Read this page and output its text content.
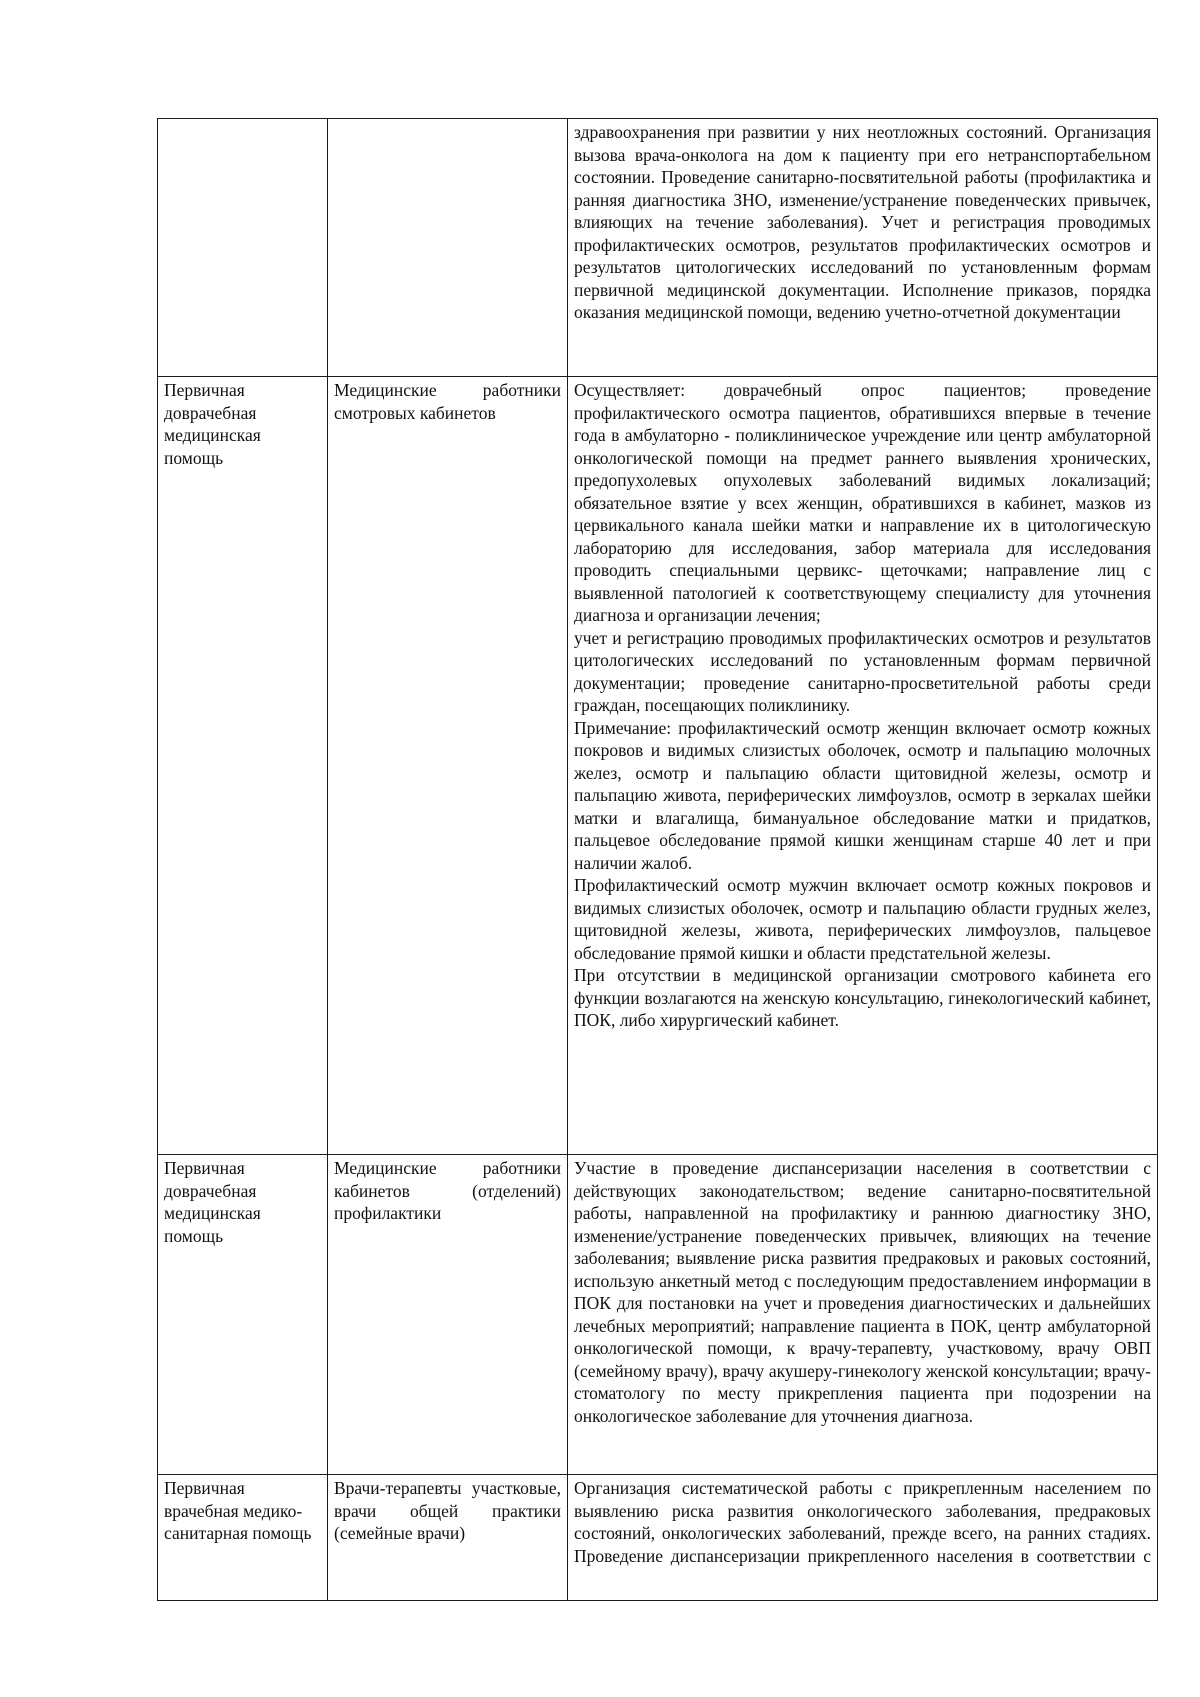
		здравоохранения при развитии у них неотложных состояний. Организация вызова врача-онколога на дом к пациенту при его нетранспортабельном состоянии. Проведение санитарно-посвятительной работы (профилактика и ранняя диагностика ЗНО, изменение/устранение поведенческих привычек, влияющих на течение заболевания). Учет и регистрация проводимых профилактических осмотров, результатов профилактических осмотров и результатов цитологических исследований по установленным формам первичной медицинской документации. Исполнение приказов, порядка оказания медицинской помощи, ведению учетно-отчетной документации

Первичная доврачебная медицинская помощь	Медицинские работники смотровых кабинетов	Осуществляет: доврачебный опрос пациентов; проведение профилактического осмотра пациентов, обратившихся впервые в течение года в амбулаторно - поликлиническое учреждение или центр амбулаторной онкологической помощи на предмет раннего выявления хронических, предопухолевых опухолевых заболеваний видимых локализаций; обязательное взятие у всех женщин, обратившихся в кабинет, мазков из цервикального канала шейки матки и направление их в цитологическую лабораторию для исследования, забор материала для исследования проводить специальными цервикс- щеточками; направление лиц с выявленной патологией к соответствующему специалисту для уточнения диагноза и организации лечения;

учет и регистрацию проводимых профилактических осмотров и результатов цитологических исследований по установленным формам первичной документации; проведение санитарно-просветительной работы среди граждан, посещающих поликлинику.

Примечание: профилактический осмотр женщин включает осмотр кожных покровов и видимых слизистых оболочек, осмотр и пальпацию молочных желез, осмотр и пальпацию области щитовидной железы, осмотр и пальпацию живота, периферических лимфоузлов, осмотр в зеркалах шейки матки и влагалища, бимануальное обследование матки и придатков, пальцевое обследование прямой кишки женщинам старше 40 лет и при наличии жалоб.

Профилактический осмотр мужчин включает осмотр кожных покровов и видимых слизистых оболочек, осмотр и пальпацию области грудных желез, щитовидной железы, живота, периферических лимфоузлов, пальцевое обследование прямой кишки и области предстательной железы.

При отсутствии в медицинской организации смотрового кабинета его функции возлагаются на женскую консультацию, гинекологический кабинет, ПОК, либо хирургический кабинет.

Первичная доврачебная медицинская помощь	Медицинские работники кабинетов (отделений) профилактики	Участие в проведение диспансеризации населения в соответствии с действующих законодательством; ведение санитарно-посвятительной работы, направленной на профилактику и раннюю диагностику ЗНО, изменение/устранение поведенческих привычек, влияющих на течение заболевания; выявление риска развития предраковых и раковых состояний, использую анкетный метод с последующим предоставлением информации в ПОК для постановки на учет и проведения диагностических и дальнейших лечебных мероприятий; направление пациента в ПОК, центр амбулаторной онкологической помощи, к врачу-терапевту, участковому, врачу ОВП (семейному врачу), врачу акушеру-гинекологу женской консультации; врачу-стоматологу по месту прикрепления пациента при подозрении на онкологическое заболевание для уточнения диагноза.

Первичная врачебная медико-санитарная помощь	Врачи-терапевты участковые, врачи общей практики (семейные врачи)	Организация систематической работы с прикрепленным населением по выявлению риска развития онкологического заболевания, предраковых состояний, онкологических заболеваний, прежде всего, на ранних стадиях. Проведение диспансеризации прикрепленного населения в соответствии с
